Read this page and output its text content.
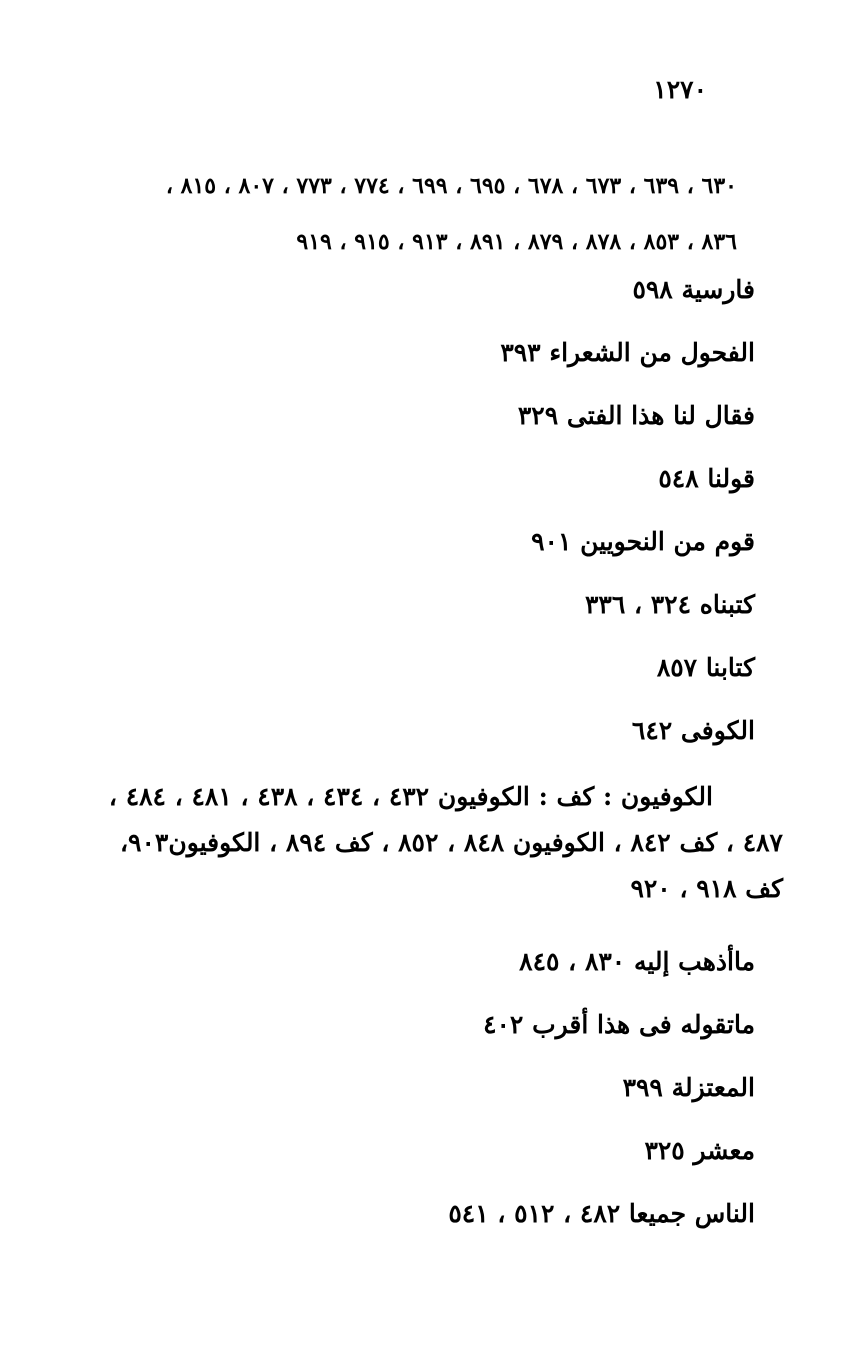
١٢٧٠
٦٣٠ ، ٦٣٩ ، ٦٧٣ ، ٦٧٨ ، ٦٩٥ ، ٦٩٩ ، ٧٧٤ ، ٧٧٣ ، ٨٠٧ ، ٨١٥ ،
٨٣٦ ، ٨٥٣ ، ٨٧٨ ، ٨٧٩ ، ٨٩١ ، ٩١٣ ، ٩١٥ ، ٩١٩

فارسية ٥٩٨

الفحول من الشعراء ٣٩٣

فقال لنا هذا الفتى ٣٢٩

قولنا ٥٤٨

قوم من النحويين ٩٠١

كتبناه ٣٢٤ ، ٣٣٦

كتابنا ٨٥٧

الكوفى ٦٤٢

الكوفيون : كف : الكوفيون ٤٣٢ ، ٤٣٤ ، ٤٣٨ ، ٤٨١ ، ٤٨٤ ،
٤٨٧ ، كف ٨٤٢ ، الكوفيون ٨٤٨ ، ٨٥٢ ، كف ٨٩٤ ، الكوفيون٩٠٣،
كف ٩١٨ ، ٩٢٠

ماأذهب إليه ٨٣٠ ، ٨٤٥

ماتقوله فى هذا أقرب ٤٠٢

المعتزلة ٣٩٩

معشر ٣٢٥

الناس جميعا ٤٨٢ ، ٥١٢ ، ٥٤١
